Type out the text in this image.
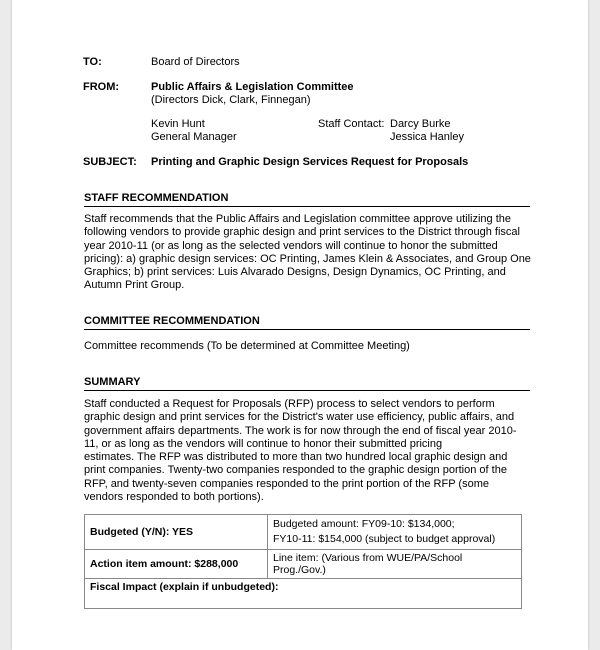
TO:	Board of Directors
FROM:	Public Affairs & Legislation Committee
(Directors Dick, Clark, Finnegan)
Kevin Hunt
General Manager
Staff Contact: Darcy Burke
Jessica Hanley
SUBJECT: Printing and Graphic Design Services Request for Proposals
STAFF RECOMMENDATION
Staff recommends that the Public Affairs and Legislation committee approve utilizing the
following vendors to provide graphic design and print services to the District through fiscal
year 2010-11 (or as long as the selected vendors will continue to honor the submitted
pricing): a) graphic design services: OC Printing, James Klein & Associates, and Group One
Graphics; b) print services: Luis Alvarado Designs, Design Dynamics, OC Printing, and
Autumn Print Group.
COMMITTEE RECOMMENDATION
Committee recommends (To be determined at Committee Meeting)
SUMMARY
Staff conducted a Request for Proposals (RFP) process to select vendors to perform
graphic design and print services for the District's water use efficiency, public affairs, and
government affairs departments. The work is for now through the end of fiscal year 2010-
11, or as long as the vendors will continue to honor their submitted pricing
estimates. The RFP was distributed to more than two hundred local graphic design and
print companies. Twenty-two companies responded to the graphic design portion of the
RFP, and twenty-seven companies responded to the print portion of the RFP (some
vendors responded to both portions).
Budgeted (Y/N): YES	Budgeted amount: FY09-10: $134,000;
FY10-11: $154,000 (subject to budget approval)

Action item amount: $288,000	Line item: (Various from WUE/PA/School Prog./Gov.)
Fiscal Impact (explain if unbudgeted):	
